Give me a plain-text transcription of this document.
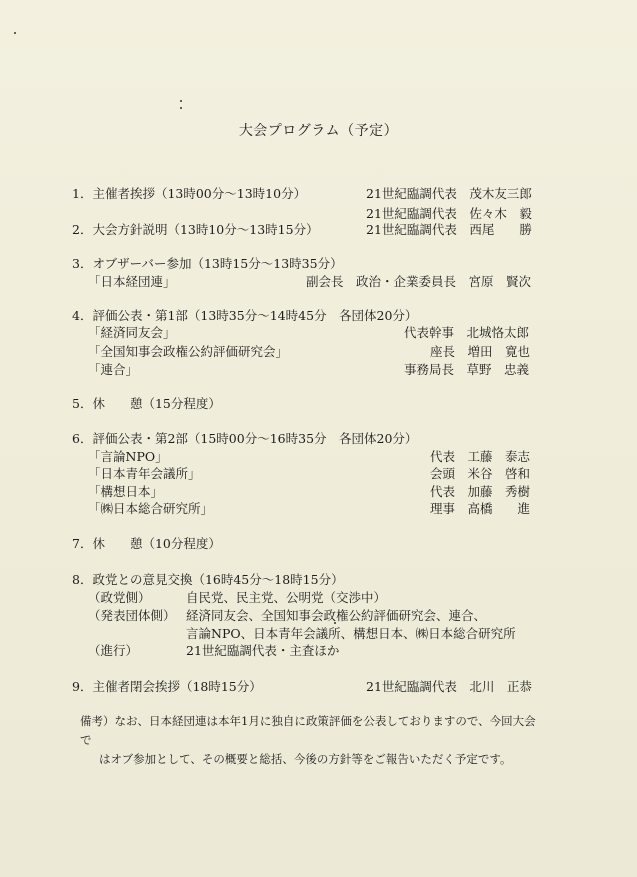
大会プログラム（予定）
1．主催者挨拶（13時00分〜13時10分）	21世紀臨調代表　茂木友三郎
21世紀臨調代表　佐々木　毅
2．大会方針説明（13時10分〜13時15分）	21世紀臨調代表　西尾　　勝
3．オブザーバー参加（13時15分〜13時35分）
「日本経団連」	副会長　政治・企業委員長　宮原　賢次
4．評価公表・第1部（13時35分〜14時45分　各団体20分）
「経済同友会」	代表幹事　北城恪太郎
「全国知事会政権公約評価研究会」	座長　増田　寛也
「連合」	事務局長　草野　忠義
5．休　　憩（15分程度）
6．評価公表・第2部（15時00分〜16時35分　各団体20分）
「言論NPO」	代表　工藤　泰志
「日本青年会議所」	会頭　米谷　啓和
「構想日本」	代表　加藤　秀樹
「㈱日本総合研究所」	理事　高橋　　進
7．休　　憩（10分程度）
8．政党との意見交換（16時45分〜18時15分）
（政党側）	自民党、民主党、公明党（交渉中）
（発表団体側） 経済同友会、全国知事会政権公約評価研究会、連合、
言論NPO、日本青年会議所、構想日本、㈱日本総合研究所
（進行）	21世紀臨調代表・主査ほか
9．主催者閉会挨拶（18時15分）	21世紀臨調代表　北川　正恭
備考）なお、日本経団連は本年1月に独自に政策評価を公表しておりますので、今回大会で
はオブ参加として、その概要と総括、今後の方針等をご報告いただく予定です。
